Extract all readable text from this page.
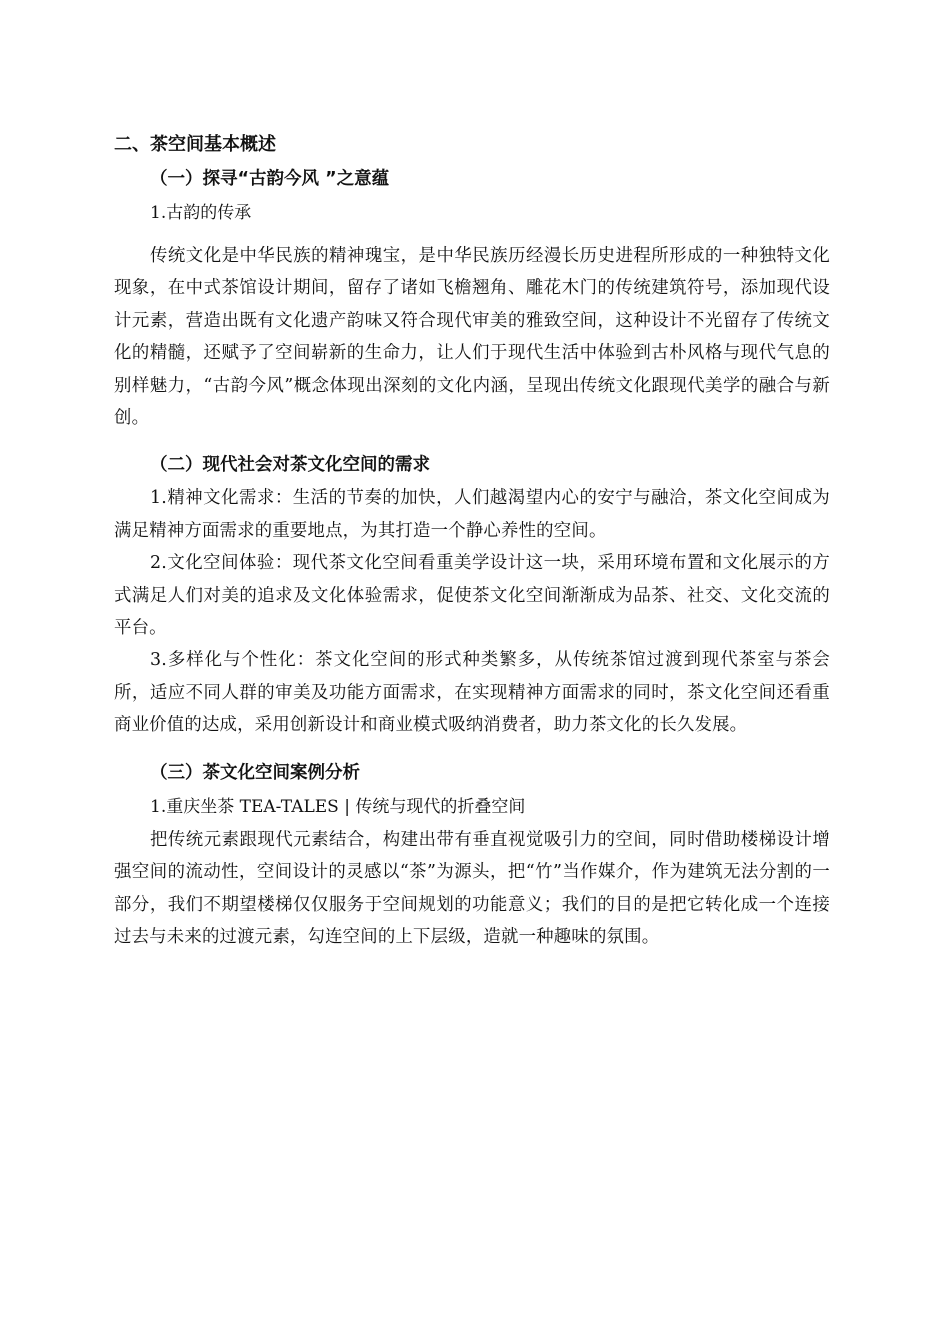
二、茶空间基本概述
（一）探寻“古韵今风 ”之意蕴

1.古韵的传承

传统文化是中华民族的精神瑰宝，是中华民族历经漫长历史进程所形成的一种独特文化现象，在中式茶馆设计期间，留存了诸如飞檐翘角、雕花木门的传统建筑符号，添加现代设计元素，营造出既有文化遗产韵味又符合现代审美的雅致空间，这种设计不光留存了传统文化的精髓，还赋予了空间崭新的生命力，让人们于现代生活中体验到古朴风格与现代气息的别样魅力，“古韵今风”概念体现出深刻的文化内涵，呈现出传统文化跟现代美学的融合与新创。

（二）现代社会对茶文化空间的需求

1.精神文化需求：生活的节奏的加快，人们越渴望内心的安宁与融洽，茶文化空间成为满足精神方面需求的重要地点，为其打造一个静心养性的空间。

2.文化空间体验：现代茶文化空间看重美学设计这一块，采用环境布置和文化展示的方式满足人们对美的追求及文化体验需求，促使茶文化空间渐渐成为品茶、社交、文化交流的平台。

3.多样化与个性化：茶文化空间的形式种类繁多，从传统茶馆过渡到现代茶室与茶会所，适应不同人群的审美及功能方面需求，在实现精神方面需求的同时，茶文化空间还看重商业价值的达成，采用创新设计和商业模式吸纳消费者，助力茶文化的长久发展。

（三）茶文化空间案例分析

1.重庆坐茶 TEA-TALES | 传统与现代的折叠空间

把传统元素跟现代元素结合，构建出带有垂直视觉吸引力的空间，同时借助楼梯设计增强空间的流动性，空间设计的灵感以“茶”为源头，把“竹”当作媒介，作为建筑无法分割的一部分，我们不期望楼梯仅仅服务于空间规划的功能意义；我们的目的是把它转化成一个连接过去与未来的过渡元素，勾连空间的上下层级，造就一种趣味的氛围。
